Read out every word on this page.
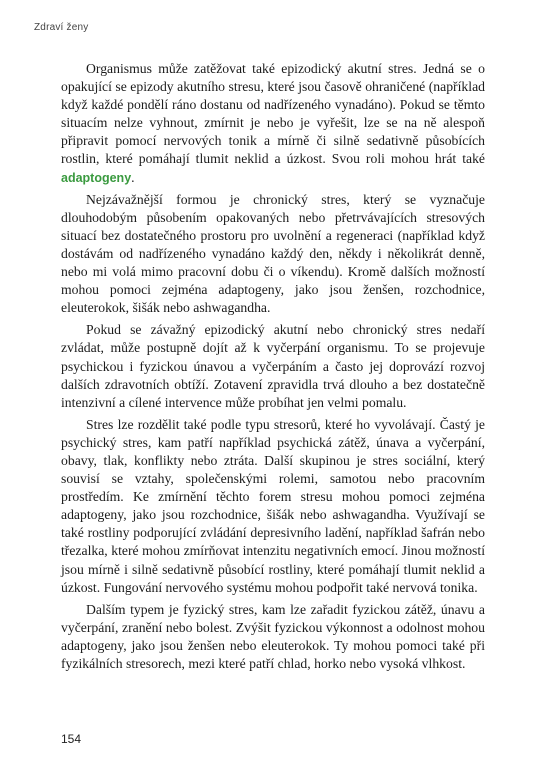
Zdraví ženy

Organismus může zatěžovat také epizodický akutní stres. Jedná se o opakující se epizody akutního stresu, které jsou časově ohraničené (například když každé pondělí ráno dostanu od nadřízeného vynadáno). Pokud se těmto situacím nelze vyhnout, zmírnit je nebo je vyřešit, lze se na ně alespoň připravit pomocí nervových tonik a mírně či silně sedativně působících rostlin, které pomáhají tlumit neklid a úzkost. Svou roli mohou hrát také adaptogeny.

Nejzávažnější formou je chronický stres, který se vyznačuje dlouhodobým působením opakovaných nebo přetrvávajících stresových situací bez dostatečného prostoru pro uvolnění a regeneraci (například když dostávám od nadřízeného vynadáno každý den, někdy i několikrát denně, nebo mi volá mimo pracovní dobu či o víkendu). Kromě dalších možností mohou pomoci zejména adaptogeny, jako jsou ženšen, rozchodnice, eleuterokok, šišák nebo ashwagandha.

Pokud se závažný epizodický akutní nebo chronický stres nedaří zvládat, může postupně dojít až k vyčerpání organismu. To se projevuje psychickou i fyzickou únavou a vyčerpáním a často jej doprovází rozvoj dalších zdravotních obtíží. Zotavení zpravidla trvá dlouho a bez dostatečně intenzivní a cílené intervence může probíhat jen velmi pomalu.

Stres lze rozdělit také podle typu stresorů, které ho vyvolávají. Častý je psychický stres, kam patří například psychická zátěž, únava a vyčerpání, obavy, tlak, konflikty nebo ztráta. Další skupinou je stres sociální, který souvisí se vztahy, společenskými rolemi, samotou nebo pracovním prostředím. Ke zmírnění těchto forem stresu mohou pomoci zejména adaptogeny, jako jsou rozchodnice, šišák nebo ashwagandha. Využívají se také rostliny podporující zvládání depresivního ladění, například šafrán nebo třezalka, které mohou zmírňovat intenzitu negativních emocí. Jinou možností jsou mírně i silně sedativně působící rostliny, které pomáhají tlumit neklid a úzkost. Fungování nervového systému mohou podpořit také nervová tonika.

Dalším typem je fyzický stres, kam lze zařadit fyzickou zátěž, únavu a vyčerpání, zranění nebo bolest. Zvýšit fyzickou výkonnost a odolnost mohou adaptogeny, jako jsou ženšen nebo eleuterokok. Ty mohou pomoci také při fyzikálních stresorech, mezi které patří chlad, horko nebo vysoká vlhkost.

154
